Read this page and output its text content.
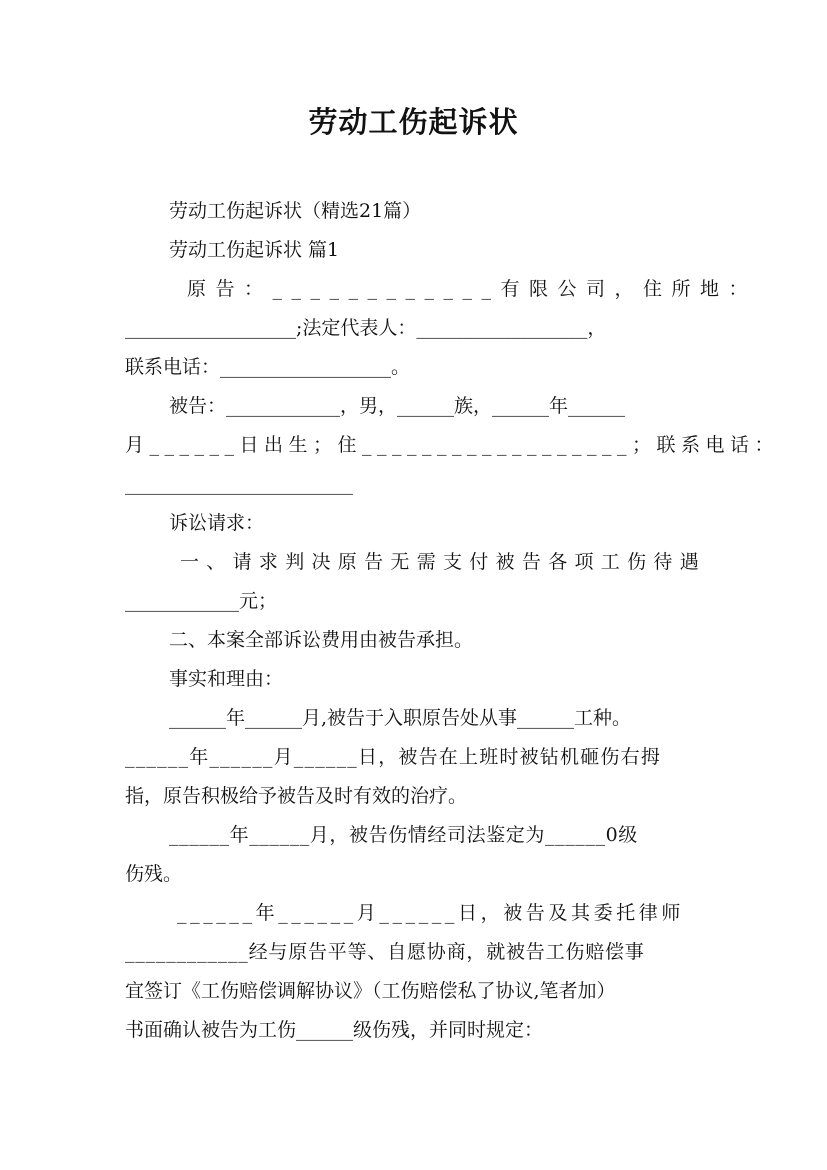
劳动工伤起诉状
劳动工伤起诉状（精选21篇）
劳动工伤起诉状 篇1
原告：____________有限公司，住所地：
__________________;法定代表人：__________________，
联系电话：__________________。
被告：____________，男，______族，______年______
月______日出生；住__________________；联系电话：
________________________
诉讼请求：
一、请求判决原告无需支付被告各项工伤待遇
____________元；
二、本案全部诉讼费用由被告承担。
事实和理由：
______年______月,被告于入职原告处从事______工种。
______年______月______日，被告在上班时被钻机砸伤右拇
指，原告积极给予被告及时有效的治疗。
______年______月，被告伤情经司法鉴定为______0级
伤残。
______年______月______日，被告及其委托律师
____________经与原告平等、自愿协商，就被告工伤赔偿事
宜签订《工伤赔偿调解协议》（工伤赔偿私了协议,笔者加）
书面确认被告为工伤______级伤残，并同时规定：
